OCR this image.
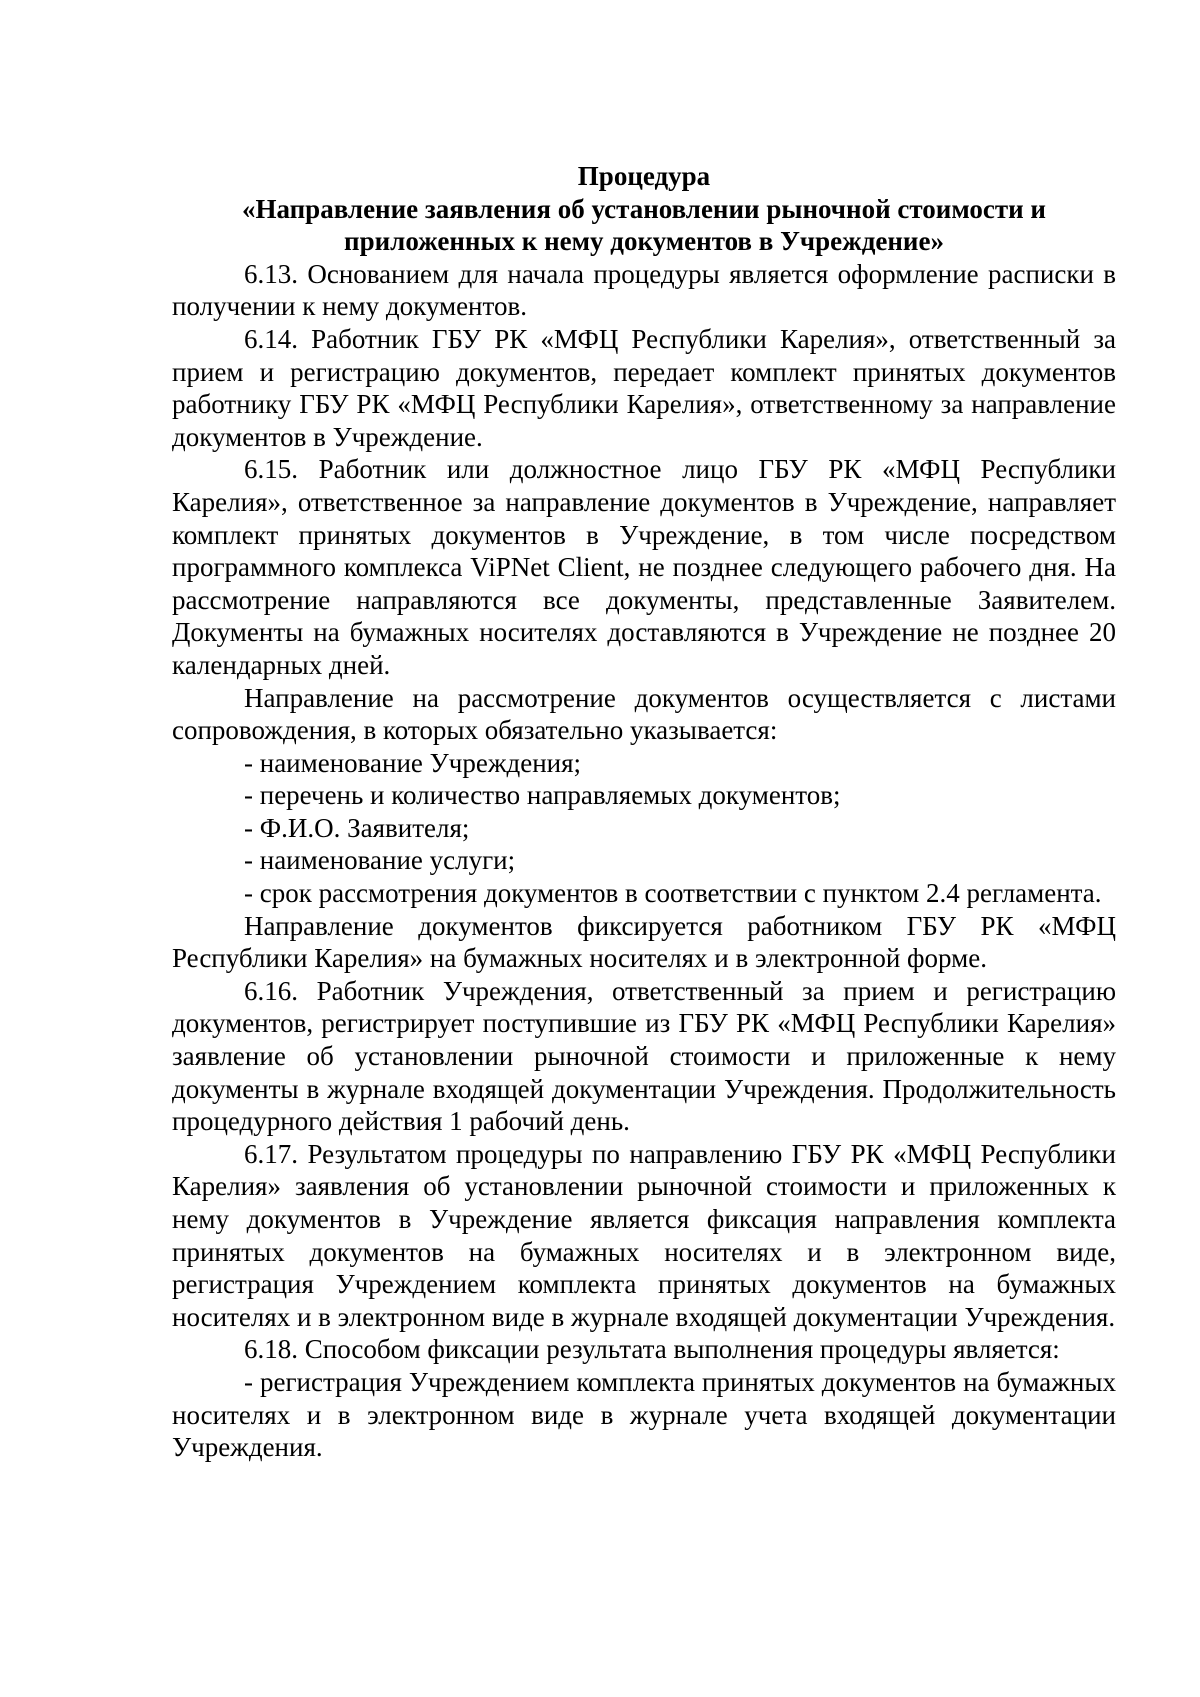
Процедура
«Направление заявления об установлении рыночной стоимости и
приложенных к нему документов в Учреждение»

6.13. Основанием для начала процедуры является оформление расписки в получении к нему документов.

6.14. Работник ГБУ РК «МФЦ Республики Карелия», ответственный за прием и регистрацию документов, передает комплект принятых документов работнику ГБУ РК «МФЦ Республики Карелия», ответственному за направление документов в Учреждение.

6.15. Работник или должностное лицо ГБУ РК «МФЦ Республики Карелия», ответственное за направление документов в Учреждение, направляет комплект принятых документов в Учреждение, в том числе посредством программного комплекса ViPNet Client, не позднее следующего рабочего дня. На рассмотрение направляются все документы, представленные Заявителем. Документы на бумажных носителях доставляются в Учреждение не позднее 20 календарных дней.

Направление на рассмотрение документов осуществляется с листами сопровождения, в которых обязательно указывается:

- наименование Учреждения;

- перечень и количество направляемых документов;

- Ф.И.О. Заявителя;

- наименование услуги;

- срок рассмотрения документов в соответствии с пунктом 2.4 регламента.

Направление документов фиксируется работником ГБУ РК «МФЦ Республики Карелия» на бумажных носителях и в электронной форме.

6.16. Работник Учреждения, ответственный за прием и регистрацию документов, регистрирует поступившие из ГБУ РК «МФЦ Республики Карелия» заявление об установлении рыночной стоимости и приложенные к нему документы в журнале входящей документации Учреждения. Продолжительность процедурного действия 1 рабочий день.

6.17. Результатом процедуры по направлению ГБУ РК «МФЦ Республики Карелия» заявления об установлении рыночной стоимости и приложенных к нему документов в Учреждение является фиксация направления комплекта принятых документов на бумажных носителях и в электронном виде, регистрация Учреждением комплекта принятых документов на бумажных носителях и в электронном виде в журнале входящей документации Учреждения.

6.18. Способом фиксации результата выполнения процедуры является:

- регистрация Учреждением комплекта принятых документов на бумажных носителях и в электронном виде в журнале учета входящей документации Учреждения.
